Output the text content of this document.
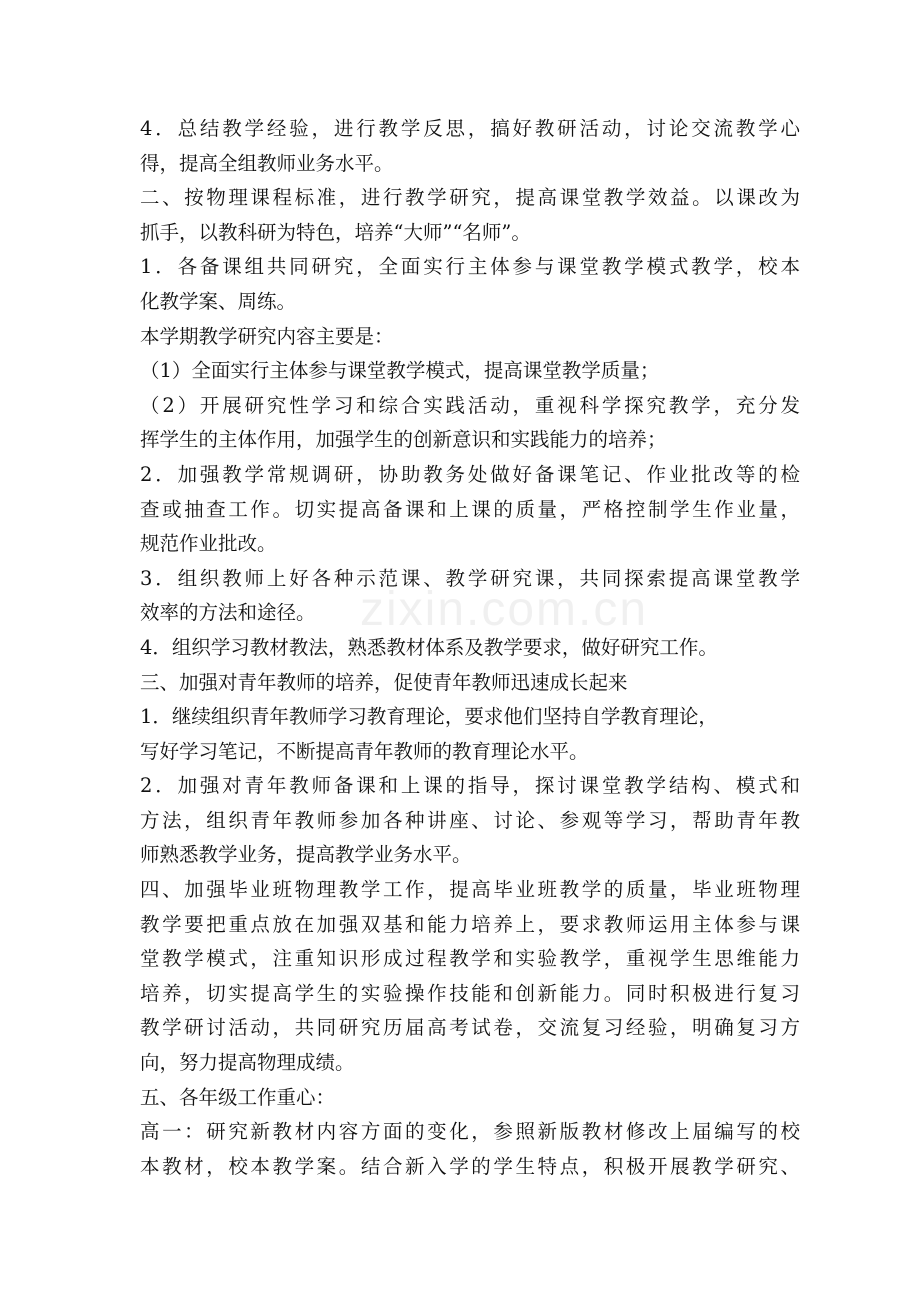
zixin.com.cn
4．总结教学经验，进行教学反思，搞好教研活动，讨论交流教学心
得，提高全组教师业务水平。
二、按物理课程标准，进行教学研究，提高课堂教学效益。以课改为
抓手，以教科研为特色，培养“大师”“名师”。
1．各备课组共同研究，全面实行主体参与课堂教学模式教学，校本
化教学案、周练。
本学期教学研究内容主要是：
（1）全面实行主体参与课堂教学模式，提高课堂教学质量；
（2）开展研究性学习和综合实践活动，重视科学探究教学，充分发
挥学生的主体作用，加强学生的创新意识和实践能力的培养；
2．加强教学常规调研，协助教务处做好备课笔记、作业批改等的检
查或抽查工作。切实提高备课和上课的质量，严格控制学生作业量，
规范作业批改。
3．组织教师上好各种示范课、教学研究课，共同探索提高课堂教学
效率的方法和途径。
4．组织学习教材教法，熟悉教材体系及教学要求，做好研究工作。
三、加强对青年教师的培养，促使青年教师迅速成长起来
1．继续组织青年教师学习教育理论，要求他们坚持自学教育理论，
写好学习笔记，不断提高青年教师的教育理论水平。
2．加强对青年教师备课和上课的指导，探讨课堂教学结构、模式和
方法，组织青年教师参加各种讲座、讨论、参观等学习，帮助青年教
师熟悉教学业务，提高教学业务水平。
四、加强毕业班物理教学工作，提高毕业班教学的质量，毕业班物理
教学要把重点放在加强双基和能力培养上，要求教师运用主体参与课
堂教学模式，注重知识形成过程教学和实验教学，重视学生思维能力
培养，切实提高学生的实验操作技能和创新能力。同时积极进行复习
教学研讨活动，共同研究历届高考试卷，交流复习经验，明确复习方
向，努力提高物理成绩。
五、各年级工作重心：
高一：研究新教材内容方面的变化，参照新版教材修改上届编写的校
本教材，校本教学案。结合新入学的学生特点，积极开展教学研究、
